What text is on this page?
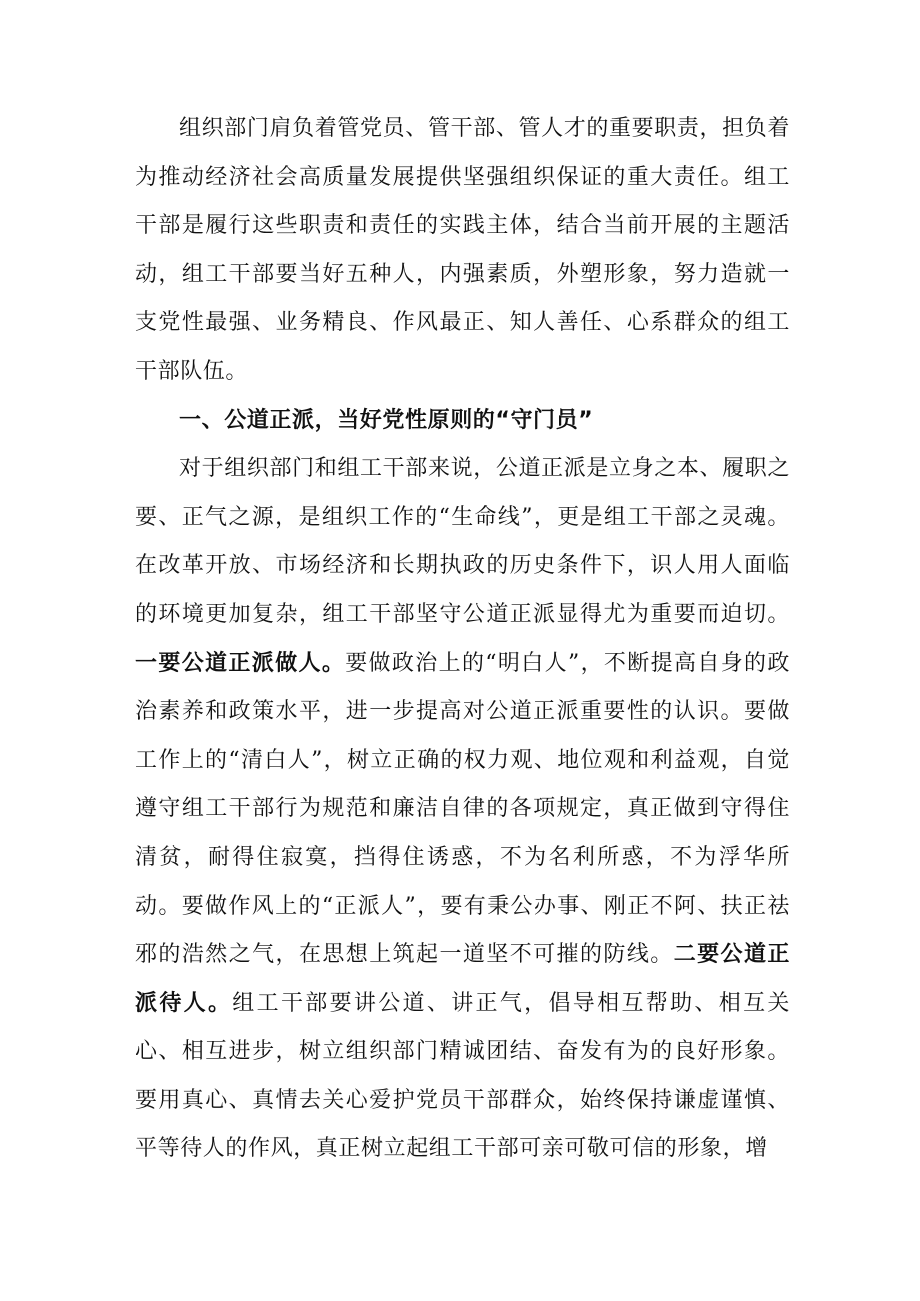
组织部门肩负着管党员、管干部、管人才的重要职责，担负着为推动经济社会高质量发展提供坚强组织保证的重大责任。组工干部是履行这些职责和责任的实践主体，结合当前开展的主题活动，组工干部要当好五种人，内强素质，外塑形象，努力造就一支党性最强、业务精良、作风最正、知人善任、心系群众的组工干部队伍。

一、公道正派，当好党性原则的“守门员”

对于组织部门和组工干部来说，公道正派是立身之本、履职之要、正气之源，是组织工作的“生命线”，更是组工干部之灵魂。在改革开放、市场经济和长期执政的历史条件下，识人用人面临的环境更加复杂，组工干部坚守公道正派显得尤为重要而迫切。一要公道正派做人。要做政治上的“明白人”，不断提高自身的政治素养和政策水平，进一步提高对公道正派重要性的认识。要做工作上的“清白人”，树立正确的权力观、地位观和利益观，自觉遵守组工干部行为规范和廉洁自律的各项规定，真正做到守得住清贫，耐得住寂寞，挡得住诱惑，不为名利所惑，不为浮华所动。要做作风上的“正派人”，要有秉公办事、刚正不阿、扶正祛邪的浩然之气，在思想上筑起一道坚不可摧的防线。二要公道正派待人。组工干部要讲公道、讲正气，倡导相互帮助、相互关心、相互进步，树立组织部门精诚团结、奋发有为的良好形象。要用真心、真情去关心爱护党员干部群众，始终保持谦虚谨慎、平等待人的作风，真正树立起组工干部可亲可敬可信的形象，增
